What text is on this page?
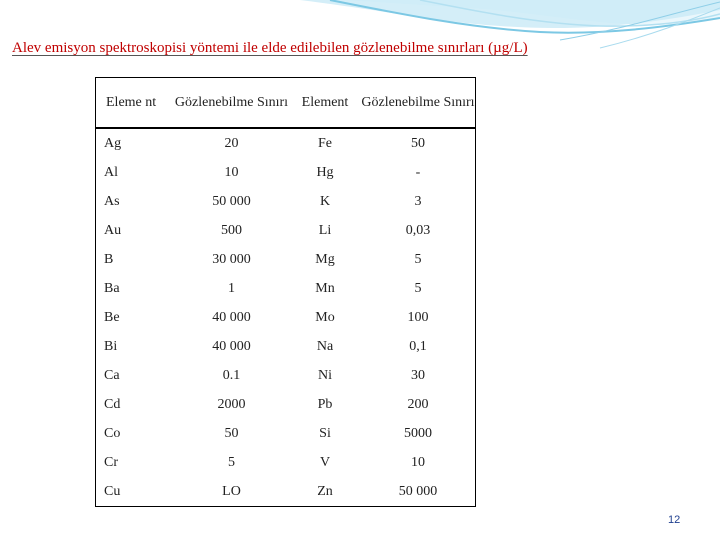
Alev emisyon spektroskopisi yöntemi ile elde edilebilen gözlenebilme sınırları (µg/L)
Eleme nt	Gözlenebilme Sınırı	Element	Gözlenebilme Sınırı
Ag	20	Fe	50
Al	10	Hg	-
As	50 000	K	3
Au	500	Li	0,03
B	30 000	Mg	5
Ba	1	Mn	5
Be	40 000	Mo	100
Bi	40 000	Na	0,1
Ca	0.1	Ni	30
Cd	2000	Pb	200
Co	50	Si	5000
Cr	5	V	10
Cu	LO	Zn	50 000
12
